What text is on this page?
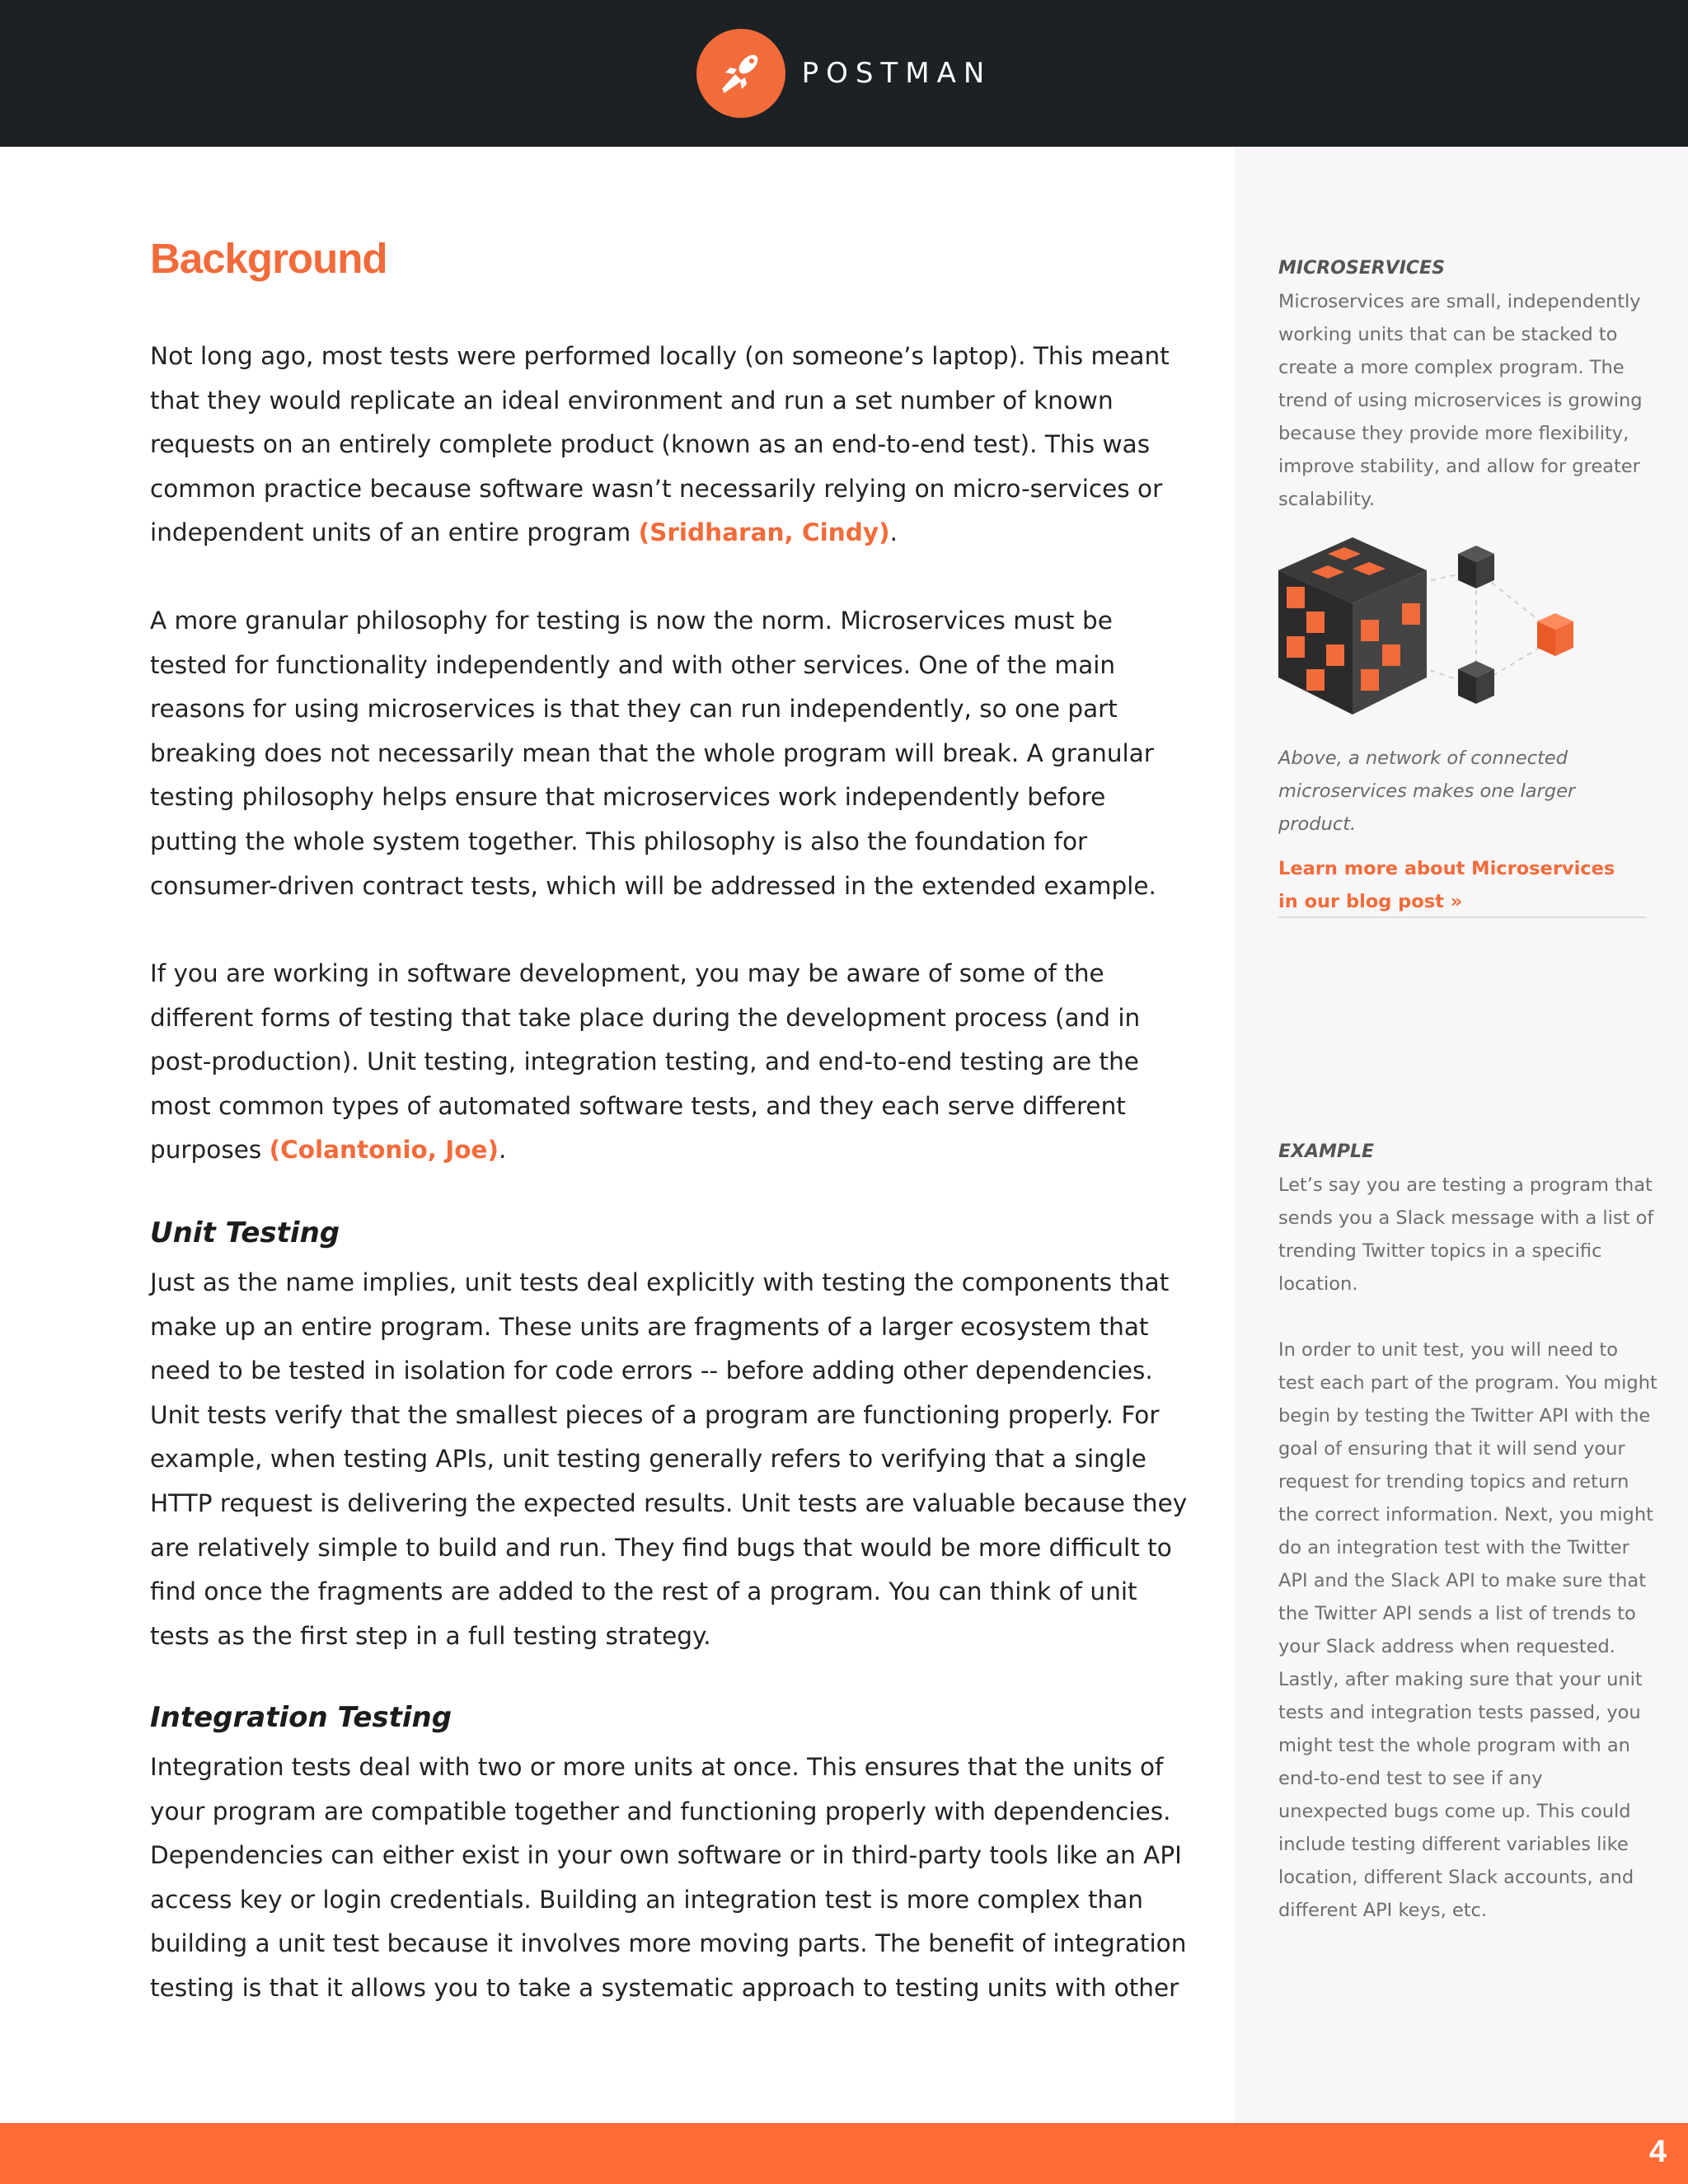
POSTMAN
Background

Not long ago, most tests were performed locally (on someone’s laptop). This meant that they would replicate an ideal environment and run a set number of known requests on an entirely complete product (known as an end-to-end test). This was common practice because software wasn’t necessarily relying on micro-services or independent units of an entire program (Sridharan, Cindy).

A more granular philosophy for testing is now the norm. Microservices must be tested for functionality independently and with other services. One of the main reasons for using microservices is that they can run independently, so one part breaking does not necessarily mean that the whole program will break. A granular testing philosophy helps ensure that microservices work independently before putting the whole system together. This philosophy is also the foundation for consumer-driven contract tests, which will be addressed in the extended example.

If you are working in software development, you may be aware of some of the different forms of testing that take place during the development process (and in post-production). Unit testing, integration testing, and end-to-end testing are the most common types of automated software tests, and they each serve different purposes (Colantonio, Joe).

Unit Testing

Just as the name implies, unit tests deal explicitly with testing the components that make up an entire program. These units are fragments of a larger ecosystem that need to be tested in isolation for code errors -- before adding other dependencies. Unit tests verify that the smallest pieces of a program are functioning properly. For example, when testing APIs, unit testing generally refers to verifying that a single HTTP request is delivering the expected results. Unit tests are valuable because they are relatively simple to build and run. They find bugs that would be more difficult to find once the fragments are added to the rest of a program. You can think of unit tests as the first step in a full testing strategy.

Integration Testing

Integration tests deal with two or more units at once. This ensures that the units of your program are compatible together and functioning properly with dependencies. Dependencies can either exist in your own software or in third-party tools like an API access key or login credentials. Building an integration test is more complex than building a unit test because it involves more moving parts. The benefit of integration testing is that it allows you to take a systematic approach to testing units with other

MICROSERVICES

Microservices are small, independently working units that can be stacked to create a more complex program. The trend of using microservices is growing because they provide more flexibility, improve stability, and allow for greater scalability.

Above, a network of connected microservices makes one larger product.

Learn more about Microservices
in our blog post »

EXAMPLE

Let’s say you are testing a program that sends you a Slack message with a list of trending Twitter topics in a specific location.

In order to unit test, you will need to test each part of the program. You might begin by testing the Twitter API with the goal of ensuring that it will send your request for trending topics and return the correct information. Next, you might do an integration test with the Twitter API and the Slack API to make sure that the Twitter API sends a list of trends to your Slack address when requested. Lastly, after making sure that your unit tests and integration tests passed, you might test the whole program with an end-to-end test to see if any unexpected bugs come up. This could include testing different variables like location, different Slack accounts, and different API keys, etc.

4
